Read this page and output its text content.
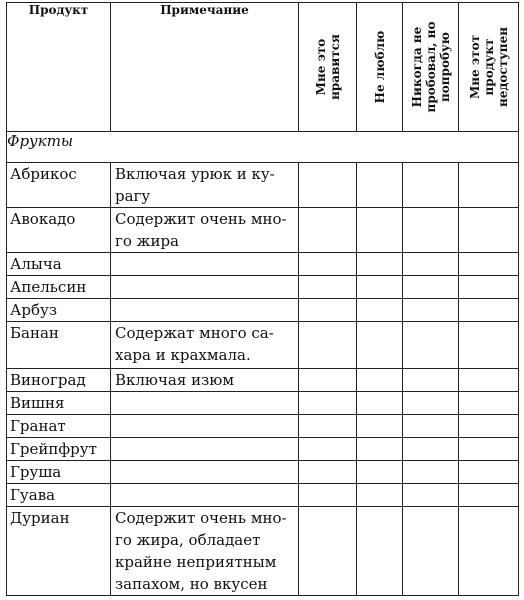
Продукт	Примечание	Мне это нравится	Не люблю	Никогда не пробовал, но попробую	Мне этот продукт недоступен

Фрукты					
Абрикос	Включая урюк и ку-
рагу				
Авокадо	Содержит очень мно-
го жира				
Алыча					
Апельсин					
Арбуз					
Банан	Содержат много са-
хара и крахмала.				
Виноград	Включая изюм				
Вишня					
Гранат					
Грейпфрут					
Груша					
Гуава					
Дуриан	Содержит очень мно-
го жира, обладает
крайне неприятным
запахом, но вкусен				
